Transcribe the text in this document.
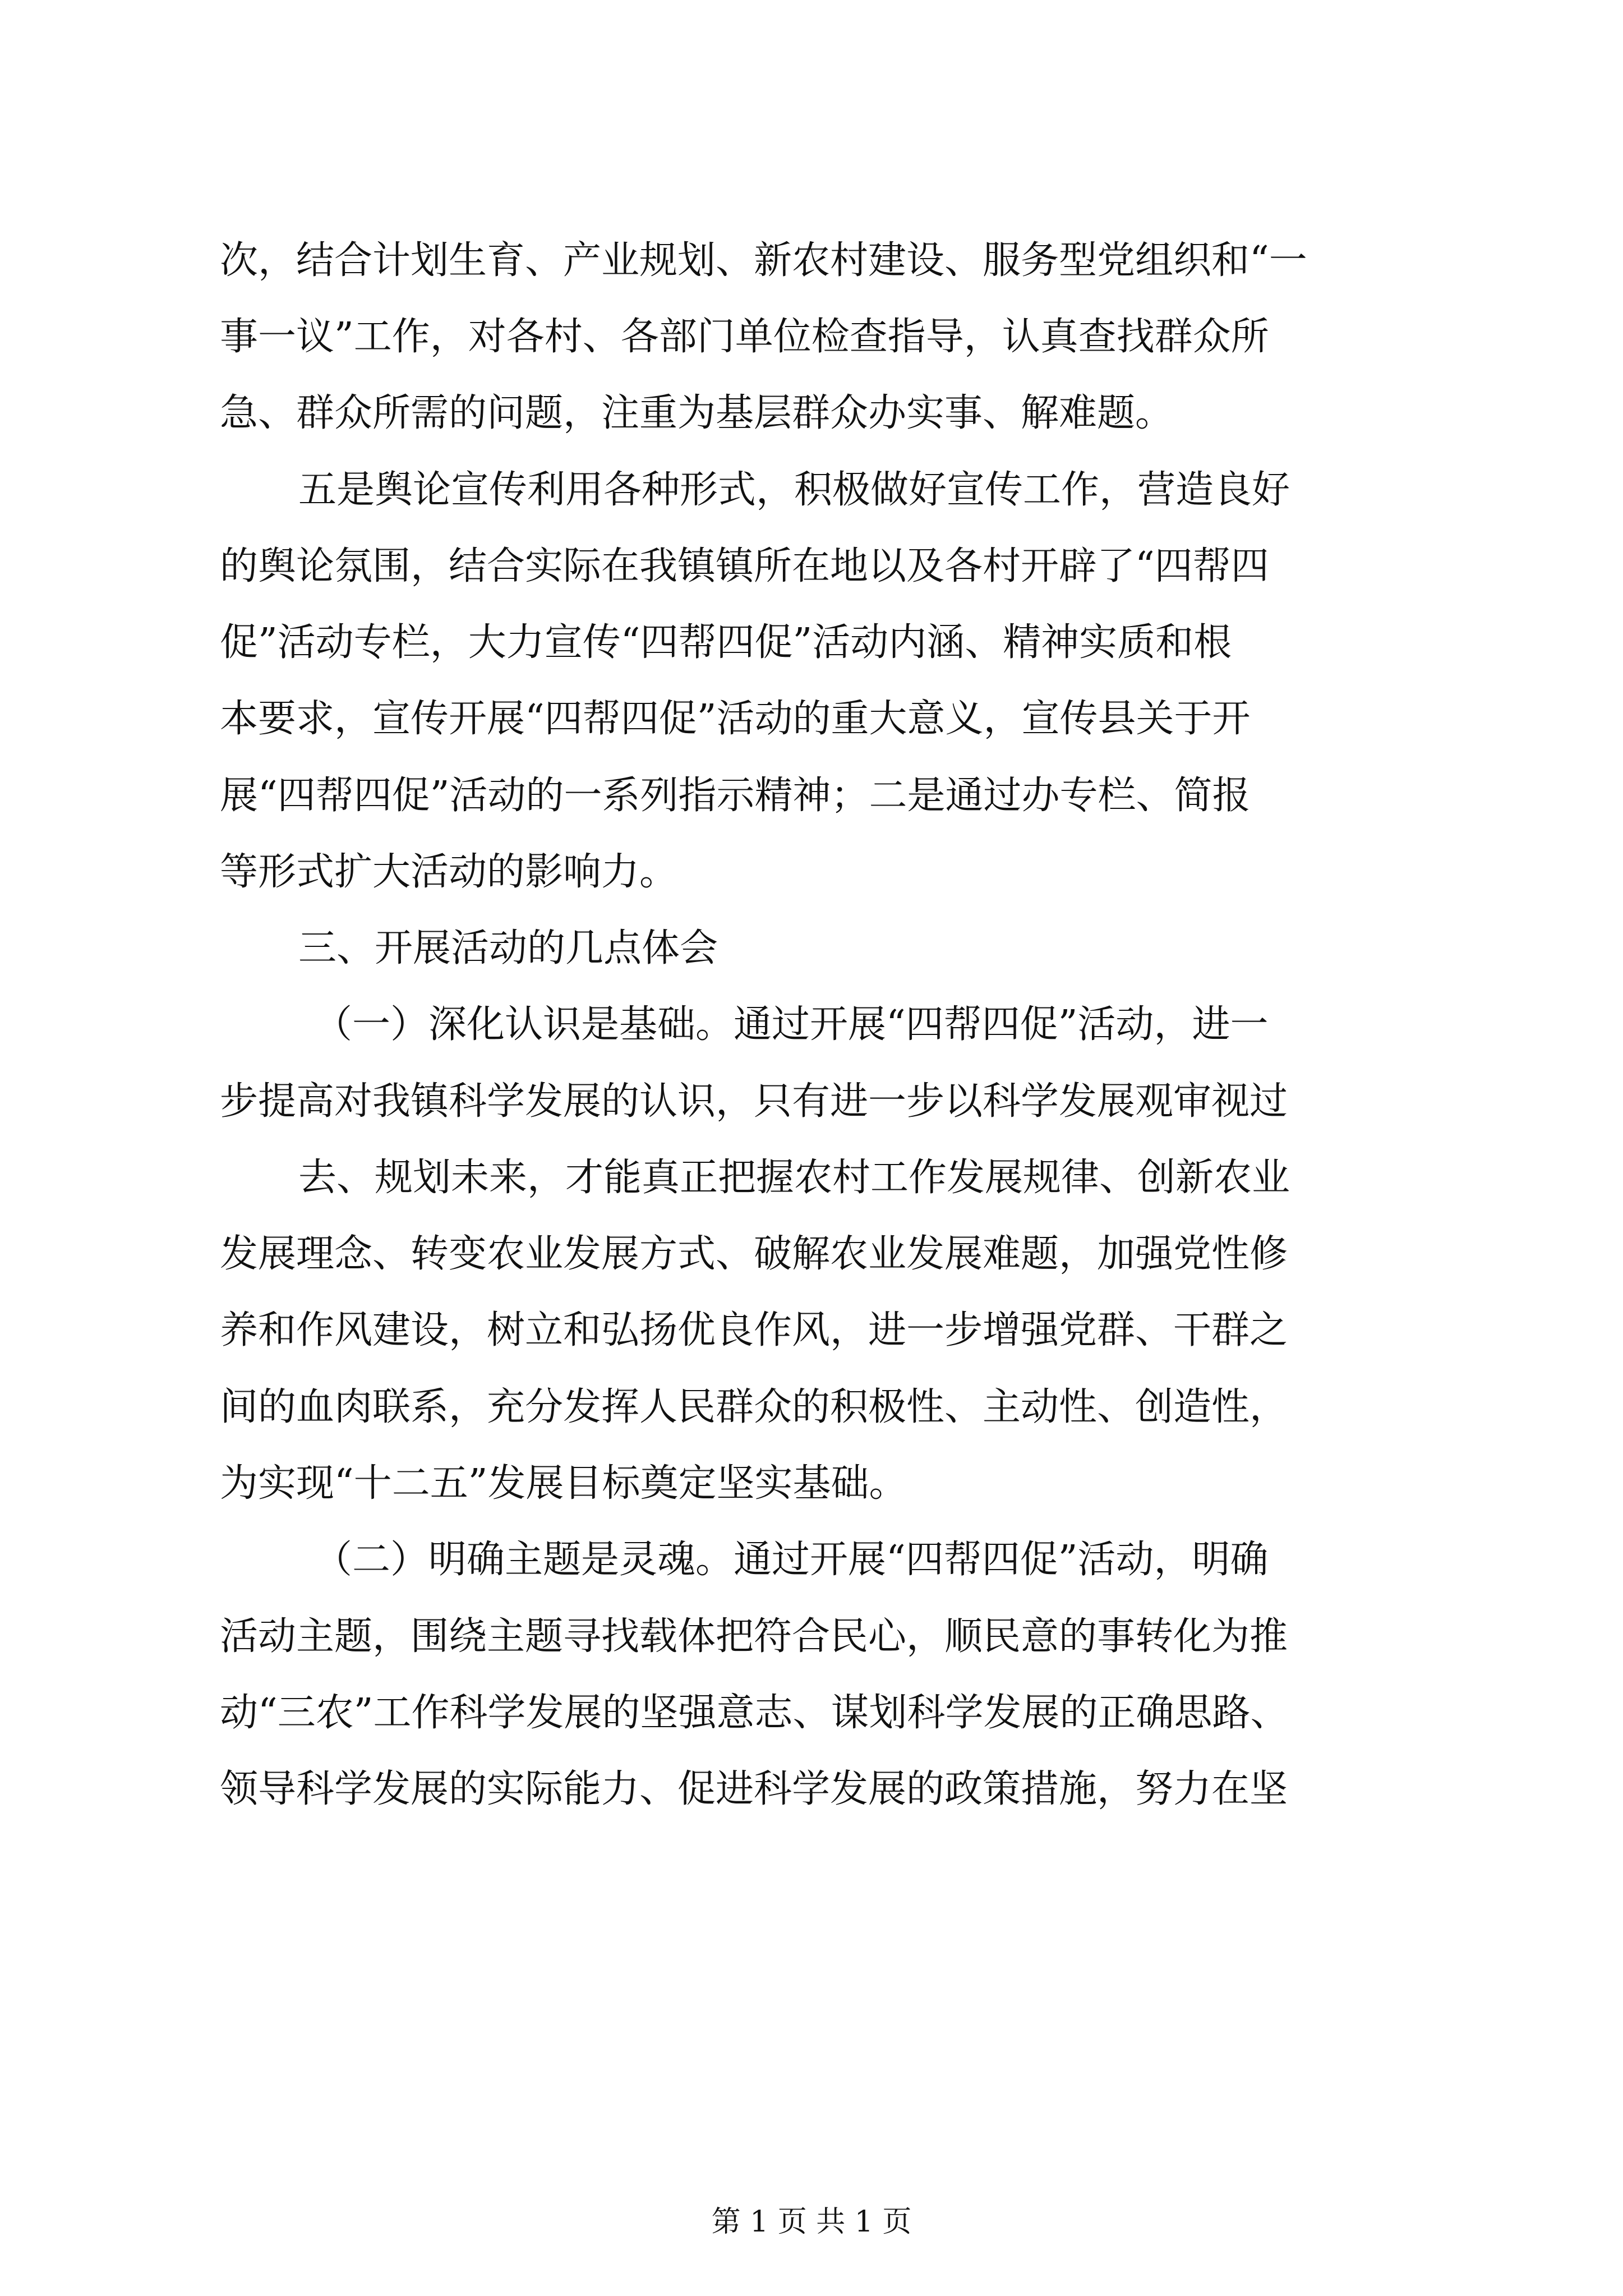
次，结合计划生育、产业规划、新农村建设、服务型党组织和“一
事一议”工作，对各村、各部门单位检查指导，认真查找群众所
急、群众所需的问题，注重为基层群众办实事、解难题。
五是舆论宣传利用各种形式，积极做好宣传工作，营造良好
的舆论氛围，结合实际在我镇镇所在地以及各村开辟了“四帮四
促”活动专栏，大力宣传“四帮四促”活动内涵、精神实质和根
本要求，宣传开展“四帮四促”活动的重大意义，宣传县关于开
展“四帮四促”活动的一系列指示精神；二是通过办专栏、简报
等形式扩大活动的影响力。
三、开展活动的几点体会
（一）深化认识是基础。通过开展“四帮四促”活动，进一
步提高对我镇科学发展的认识，只有进一步以科学发展观审视过
去、规划未来，才能真正把握农村工作发展规律、创新农业
发展理念、转变农业发展方式、破解农业发展难题，加强党性修
养和作风建设，树立和弘扬优良作风，进一步增强党群、干群之
间的血肉联系，充分发挥人民群众的积极性、主动性、创造性，
为实现“十二五”发展目标奠定坚实基础。
（二）明确主题是灵魂。通过开展“四帮四促”活动，明确
活动主题，围绕主题寻找载体把符合民心，顺民意的事转化为推
动“三农”工作科学发展的坚强意志、谋划科学发展的正确思路、
领导科学发展的实际能力、促进科学发展的政策措施，努力在坚
第 1 页 共 1 页
